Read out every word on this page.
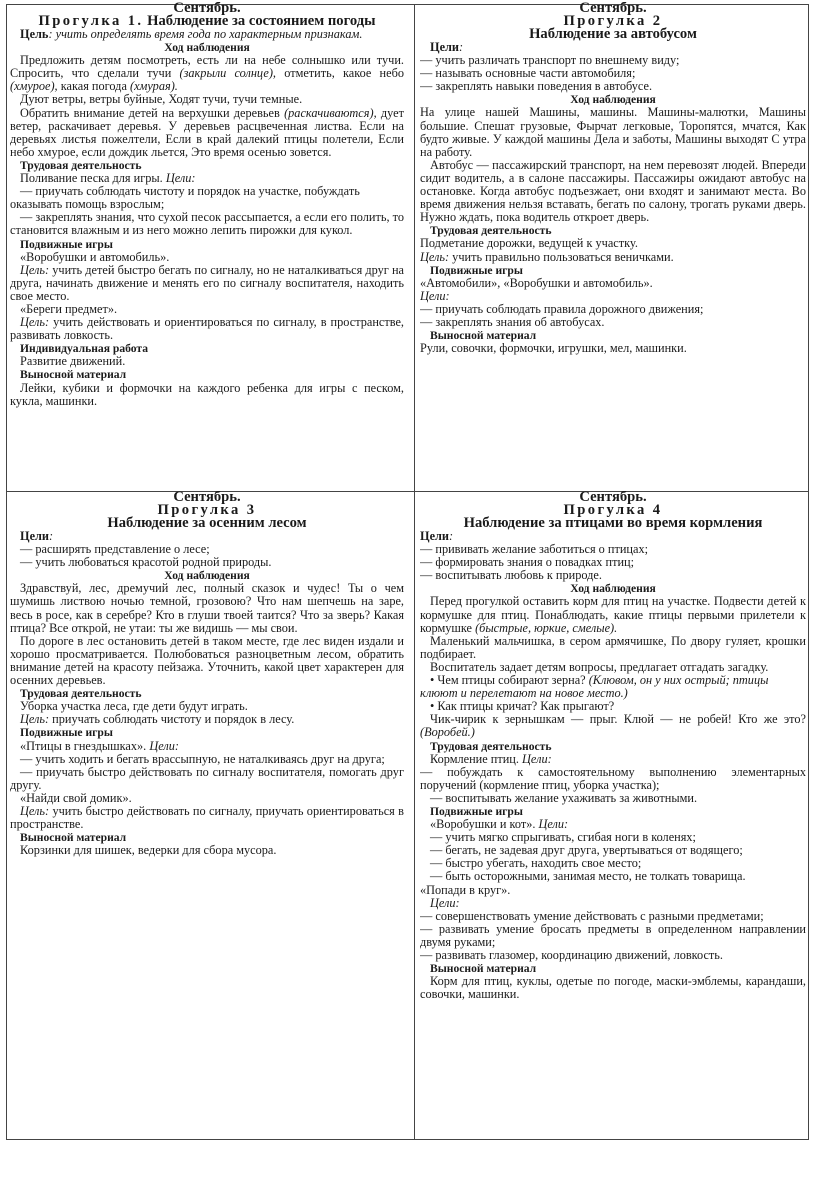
Сентябрь.
Прогулка 1. Наблюдение за состоянием погоды

Цель: учить определять время года по характерным признакам.

Ход наблюдения

Предложить детям посмотреть, есть ли на небе солнышко или тучи. Спросить, что сделали тучи (закрыли солнце), отметить, какое небо (хмурое), какая погода (хмурая).

Дуют ветры, ветры буйные, Ходят тучи, тучи темные.

Обратить внимание детей на верхушки деревьев (раскачиваются), дует ветер, раскачивает деревья. У деревьев расцвеченная листва. Если на деревьях листья пожелтели, Если в край далекий птицы полетели, Если небо хмурое, если дождик льется, Это время осенью зовется.

Трудовая деятельность

Поливание песка для игры. Цели:

— приучать соблюдать чистоту и порядок на участке, побуждать

оказывать помощь взрослым;

— закреплять знания, что сухой песок рассыпается, а если его полить, то становится влажным и из него можно лепить пирожки для кукол.

Подвижные игры

«Воробушки и автомобиль».

Цель: учить детей быстро бегать по сигналу, но не наталкиваться друг на друга, начинать движение и менять его по сигналу воспитателя, находить свое место.

«Береги предмет».

Цель: учить действовать и ориентироваться по сигналу, в пространстве, развивать ловкость.

Индивидуальная работа

Развитие движений.

Выносной материал

Лейки, кубики и формочки на каждого ребенка для игры с песком, кукла, машинки.

Сентябрь.
Прогулка 2
Наблюдение за автобусом

Цели:

— учить различать транспорт по внешнему виду;

— называть основные части автомобиля;

— закреплять навыки поведения в автобусе.

Ход наблюдения

На улице нашей Машины, машины. Машины-малютки, Машины большие. Спешат грузовые, Фырчат легковые, Торопятся, мчатся, Как будто живые. У каждой машины Дела и заботы, Машины выходят С утра на работу.

Автобус — пассажирский транспорт, на нем перевозят людей. Впереди сидит водитель, а в салоне пассажиры. Пассажиры ожидают автобус на остановке. Когда автобус подъезжает, они входят и занимают места. Во время движения нельзя вставать, бегать по салону, трогать руками дверь. Нужно ждать, пока водитель откроет дверь.

Трудовая деятельность

Подметание дорожки, ведущей к участку.

Цель: учить правильно пользоваться веничками.

Подвижные игры

«Автомобили», «Воробушки и автомобиль».

Цели:

— приучать соблюдать правила дорожного движения;

— закреплять знания об автобусах.

Выносной материал

Рули, совочки, формочки, игрушки, мел, машинки.

Сентябрь.
Прогулка 3
Наблюдение за осенним лесом

Цели:

— расширять представление о лесе;

— учить любоваться красотой родной природы.

Ход наблюдения

Здравствуй, лес, дремучий лес, полный сказок и чудес! Ты о чем шумишь листвою ночью темной, грозовою? Что нам шепчешь на заре, весь в росе, как в серебре? Кто в глуши твоей таится? Что за зверь? Какая птица? Все открой, не утаи: ты же видишь — мы свои.

По дороге в лес остановить детей в таком месте, где лес виден издали и хорошо просматривается. Полюбоваться разноцветным лесом, обратить внимание детей на красоту пейзажа. Уточнить, какой цвет характерен для осенних деревьев.

Трудовая деятельность

Уборка участка леса, где дети будут играть.

Цель: приучать соблюдать чистоту и порядок в лесу.

Подвижные игры

«Птицы в гнездышках». Цели:

— учить ходить и бегать врассыпную, не наталкиваясь друг на друга;

— приучать быстро действовать по сигналу воспитателя, помогать друг другу.

«Найди свой домик».

Цель: учить быстро действовать по сигналу, приучать ориентироваться в пространстве.

Выносной материал

Корзинки для шишек, ведерки для сбора мусора.

Сентябрь.
Прогулка 4
Наблюдение за птицами во время кормления

Цели:

— прививать желание заботиться о птицах;

— формировать знания о повадках птиц;

— воспитывать любовь к природе.

Ход наблюдения

Перед прогулкой оставить корм для птиц на участке. Подвести детей к кормушке для птиц. Понаблюдать, какие птицы первыми прилетели к кормушке (быстрые, юркие, смелые).

Маленький мальчишка, в сером армячишке, По двору гуляет, крошки подбирает.

Воспитатель задает детям вопросы, предлагает отгадать загадку.

• Чем птицы собирают зерна? (Клювом, он у них острый; птицы

клюют и перелетают на новое место.)

• Как птицы кричат? Как прыгают?

Чик-чирик к зернышкам — прыг. Клюй — не робей! Кто же это? (Воробей.)

Трудовая деятельность

Кормление птиц. Цели:

— побуждать к самостоятельному выполнению элементарных поручений (кормление птиц, уборка участка);

— воспитывать желание ухаживать за животными.

Подвижные игры

«Воробушки и кот». Цели:

— учить мягко спрыгивать, сгибая ноги в коленях;

— бегать, не задевая друг друга, увертываться от водящего;

— быстро убегать, находить свое место;

— быть осторожными, занимая место, не толкать товарища.

«Попади в круг».

Цели:

— совершенствовать умение действовать с разными предметами;

— развивать умение бросать предметы в определенном направлении двумя руками;

— развивать глазомер, координацию движений, ловкость.

Выносной материал

Корм для птиц, куклы, одетые по погоде, маски-эмблемы, карандаши, совочки, машинки.
